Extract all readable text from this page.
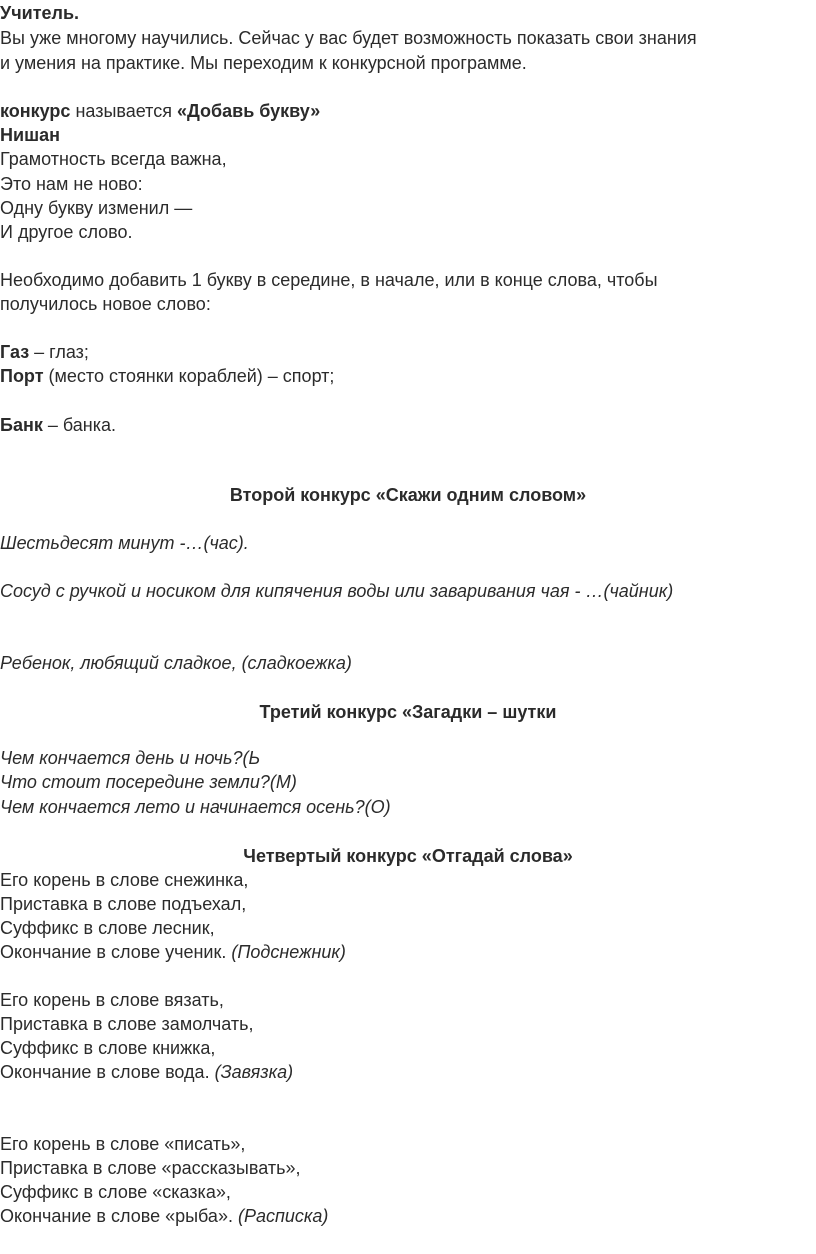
Учитель.
Вы уже многому научились. Сейчас у вас будет возможность показать свои знания
и умения на практике. Мы переходим к конкурсной программе.
конкурс называется «Добавь букву»
Нишан
Грамотность всегда важна,
Это нам не ново:
Одну букву изменил —
И другое слово.
Необходимо добавить 1 букву в середине, в начале, или в конце слова, чтобы
получилось новое слово:
Газ – глаз;
Порт (место стоянки кораблей) – спорт;
Банк – банка.
Второй конкурс «Скажи одним словом»
Шестьдесят минут -…(час).
Сосуд с ручкой и носиком для кипячения воды или заваривания чая - …(чайник)
Ребенок, любящий сладкое, (сладкоежка)
Третий конкурс «Загадки – шутки
Чем кончается день и ночь?(Ь
Что стоит посередине земли?(М)
Чем кончается лето и начинается осень?(О)
Четвертый конкурс «Отгадай слова»
Его корень в слове снежинка,
Приставка в слове подъехал,
Суффикс в слове лесник,
Окончание в слове ученик. (Подснежник)
Его корень в слове вязать,
Приставка в слове замолчать,
Суффикс в слове книжка,
Окончание в слове вода. (Завязка)
Его корень в слове «писать»,
Приставка в слове «рассказывать»,
Суффикс в слове «сказка»,
Окончание в слове «рыба». (Расписка)
